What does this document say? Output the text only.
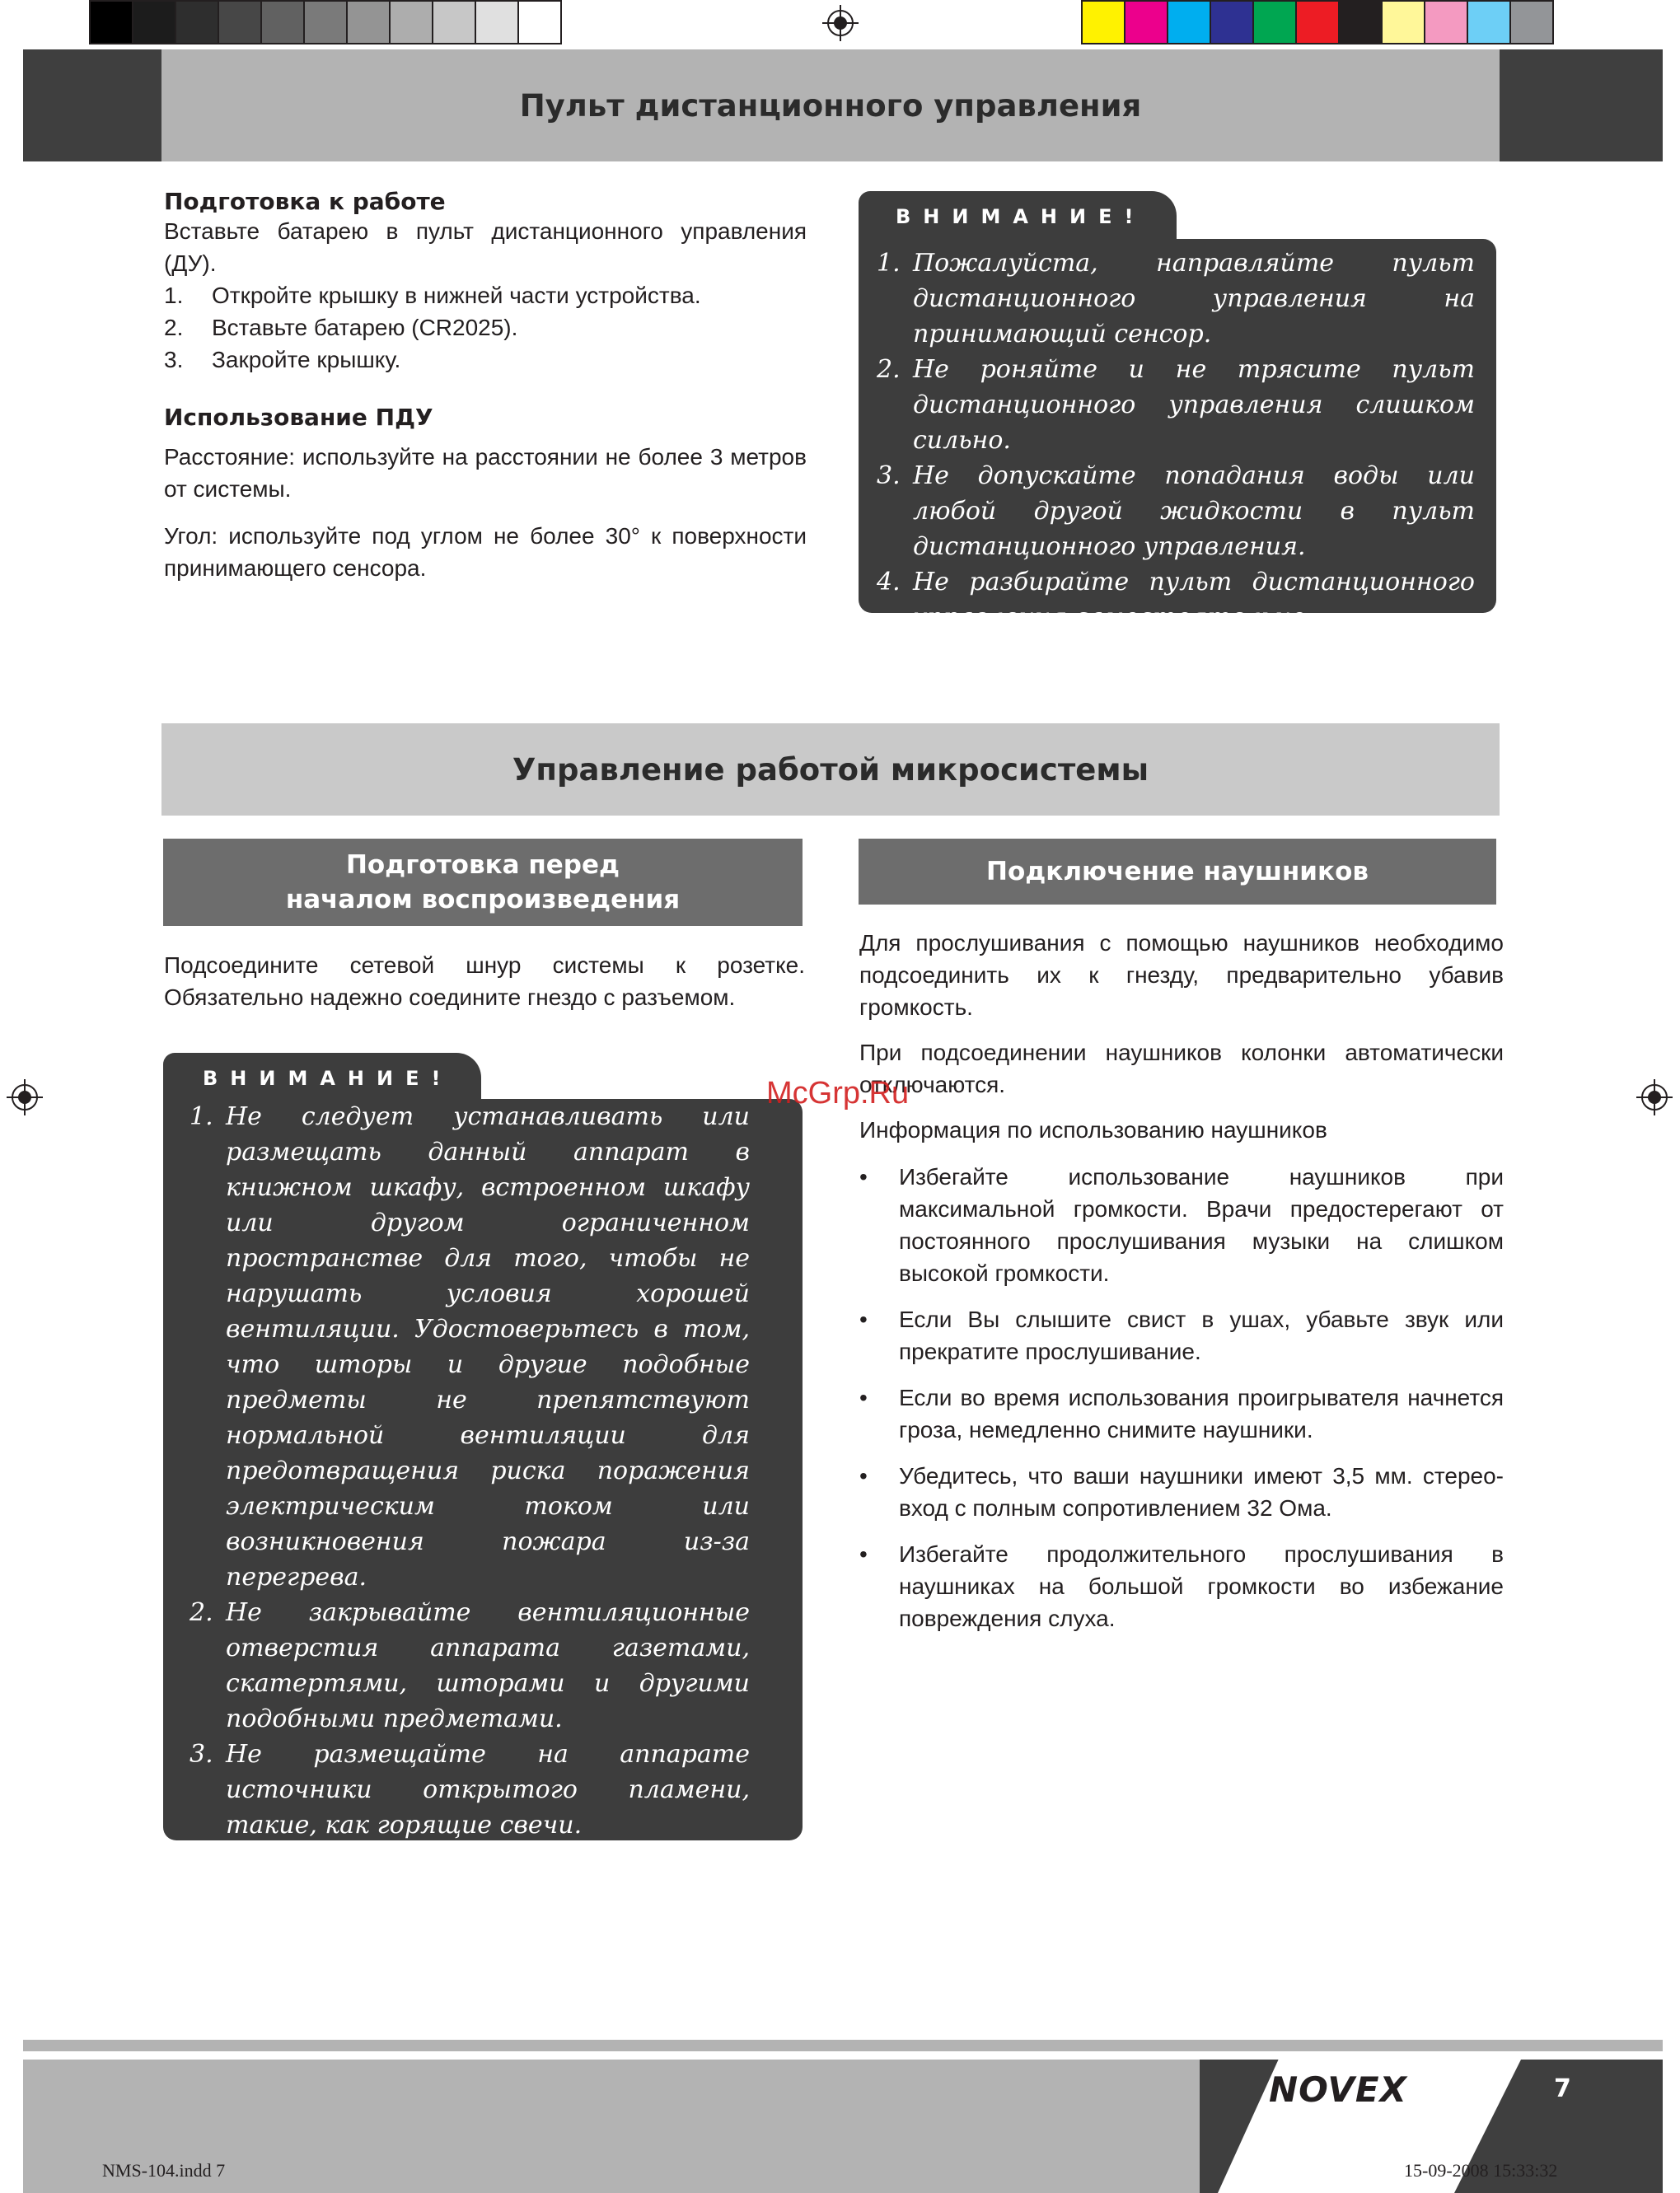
Пульт дистанционного управления
Подготовка к работе
Вставьте батарею в пульт дистанционного управления (ДУ).
1.	Откройте крышку в нижней части устройства.
2.	Вставьте батарею (CR2025).
3.	Закройте крышку.
Использование ПДУ
Расстояние: используйте на расстоянии не более 3 метров от системы.
Угол: используйте под углом не более 30° к поверхности принимающего сенсора.
ВНИМАНИЕ!
1. Пожалуйста, направляйте пульт дистанционного управления на принимающий сенсор.
2. Не роняйте и не трясите пульт дистанционного управления слишком сильно.
3. Не допускайте попадания воды или любой другой жидкости в пульт дистанционного управления.
4. Не разбирайте пульт дистанционного управления самостоятельно.
Управление работой микросистемы
Подготовка перед
началом воспроизведения
Подключение наушников
Подсоедините сетевой шнур системы к розетке. Обязательно надежно соедините гнездо с разъемом.
ВНИМАНИЕ!
1. Не следует устанавливать или размещать данный аппарат в книжном шкафу, встроенном шкафу или другом ограниченном пространстве для того, чтобы не нарушать условия хорошей вентиляции. Удостоверьтесь в том, что шторы и другие подобные предметы не препятствуют нормальной вентиляции для предотвращения риска поражения электрическим током или возникновения пожара из-за перегрева.
2. Не закрывайте вентиляционные отверстия аппарата газетами, скатертями, шторами и другими подобными предметами.
3. Не размещайте на аппарате источники открытого пламени, такие, как горящие свечи.
4. Этот аппарат предназначен для использования в климате средней полосы.
Для прослушивания с помощью наушников необходимо подсоединить их к гнезду, предварительно убавив громкость.
При подсоединении наушников колонки автоматически отключаются.
Информация по использованию наушников
•	Избегайте использование наушников при максимальной громкости. Врачи предостерегают от постоянного прослушивания музыки на слишком высокой громкости.
•	Если Вы слышите свист в ушах, убавьте звук или прекратите прослушивание.
•	Если во время использования проигрывателя начнется гроза, немедленно снимите наушники.
•	Убедитесь, что ваши наушники имеют 3,5 мм. стерео-вход с полным сопротивлением 32 Ома.
•	Избегайте продолжительного прослушивания в наушниках на большой громкости во избежание повреждения слуха.
McGrp.Ru
NOVEX	7
NMS-104.indd 7	15-09-2008 15:33:32
